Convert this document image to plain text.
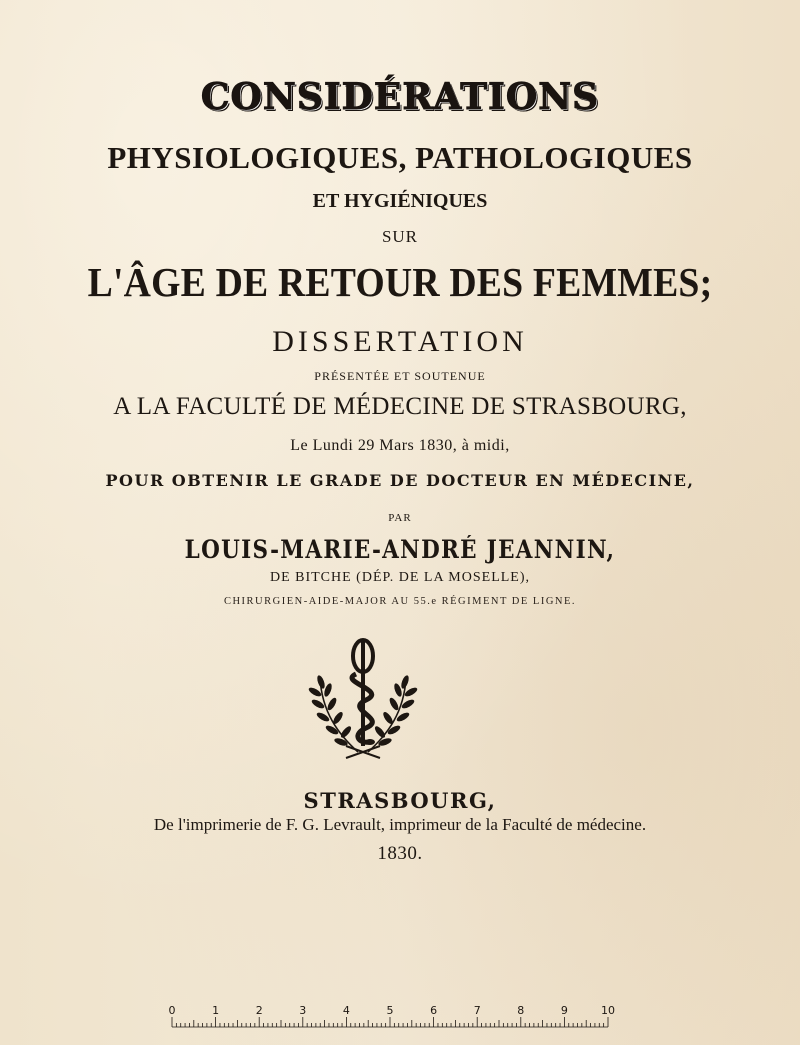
CONSIDÉRATIONS
PHYSIOLOGIQUES, PATHOLOGIQUES
ET HYGIÉNIQUES
SUR
L'ÂGE DE RETOUR DES FEMMES;
DISSERTATION
PRÉSENTÉE ET SOUTENUE
A LA FACULTÉ DE MÉDECINE DE STRASBOURG,
Le Lundi 29 Mars 1830, à midi,
POUR OBTENIR LE GRADE DE DOCTEUR EN MÉDECINE,
PAR
LOUIS-MARIE-ANDRÉ JEANNIN,
DE BITCHE (DÉP. DE LA MOSELLE),
CHIRURGIEN-AIDE-MAJOR AU 55.e RÉGIMENT DE LIGNE.
STRASBOURG,
De l'imprimerie de F. G. Levrault, imprimeur de la Faculté de médecine.
1830.
0	1	2	3	4	5	6	7	8	9	10
